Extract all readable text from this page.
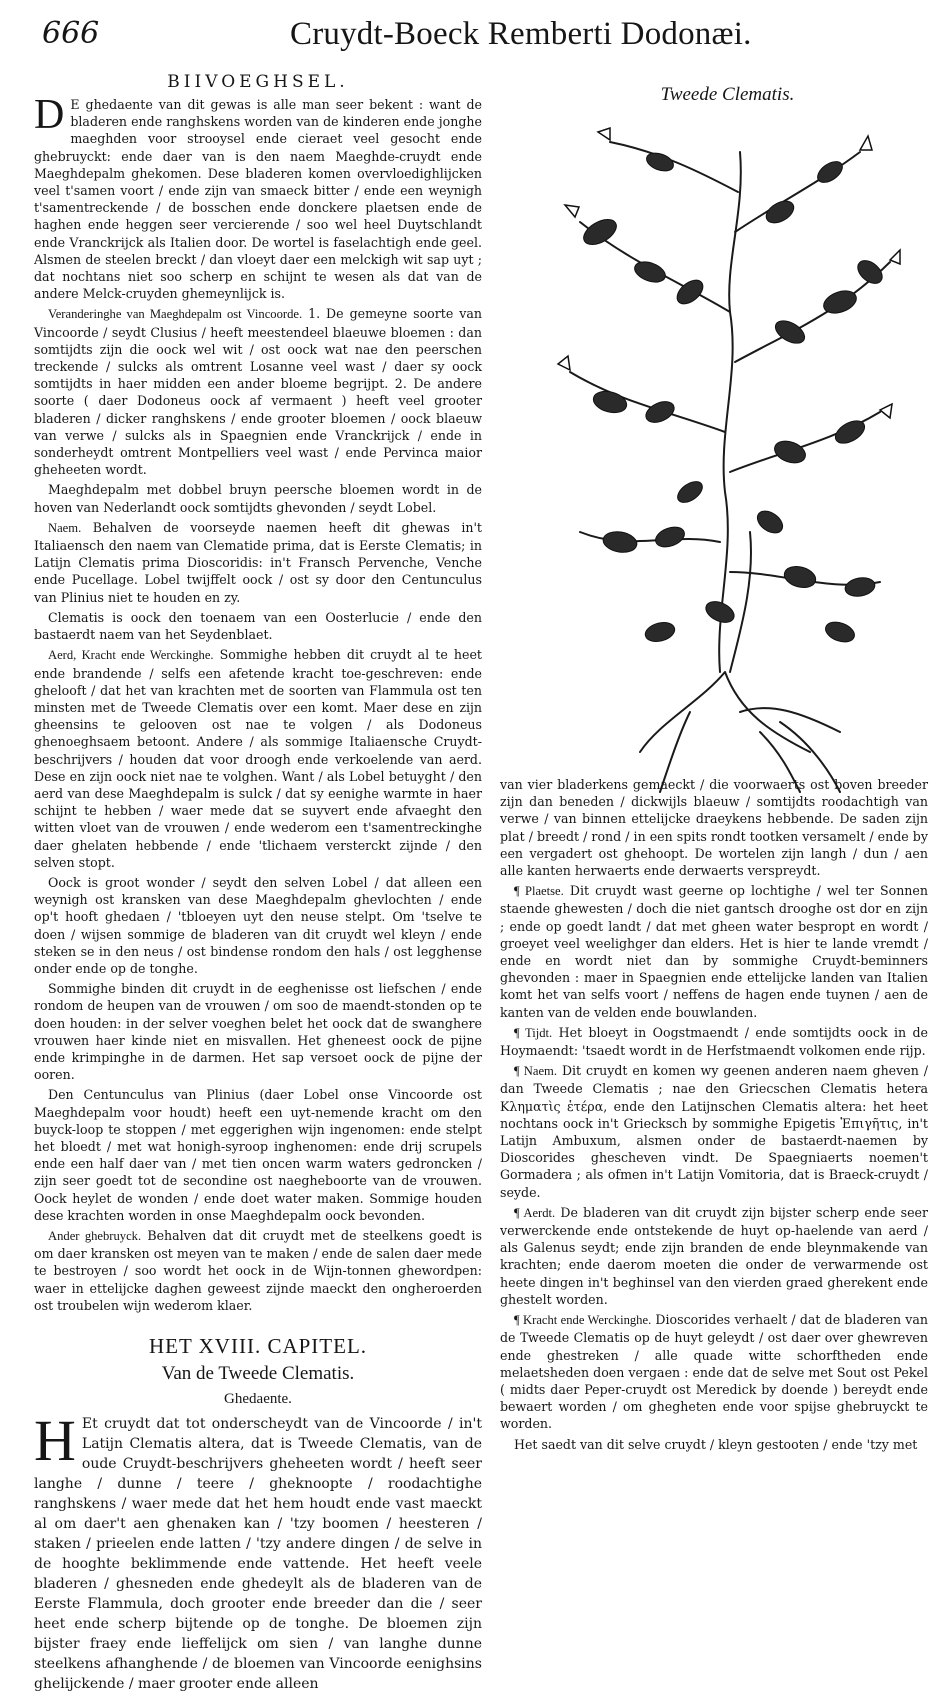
666	Cruydt-Boeck Remberti Dodonæi.
BIIVOEGHSEL.

D E ghedaente van dit gewas is alle man seer bekent : want de bladeren ende ranghskens worden van de kinderen ende jonghe maeghden voor strooysel ende cieraet veel gesocht ende ghebruyckt: ende daer van is den naem Maeghde-cruydt ende Maeghdepalm ghekomen. Dese bladeren komen overvloedighlijcken veel t'samen voort / ende zijn van smaeck bitter / ende een weynigh t'samentreckende / de bosschen ende donckere plaetsen ende de haghen ende heggen seer vercierende / soo wel heel Duytschlandt ende Vranckrijck als Italien door. De wortel is faselachtigh ende geel. Alsmen de steelen breckt / dan vloeyt daer een melckigh wit sap uyt ; dat nochtans niet soo scherp en schijnt te wesen als dat van de andere Melck-cruyden ghemeynlijck is.

Veranderinghe van Maeghdepalm ost Vincoorde. 1. De gemeyne soorte van Vincoorde / seydt Clusius / heeft meestendeel blaeuwe bloemen : dan somtijdts zijn die oock wel wit / ost oock wat nae den peerschen treckende / sulcks als omtrent Losanne veel wast / daer sy oock somtijdts in haer midden een ander bloeme begrijpt. 2. De andere soorte ( daer Dodoneus oock af vermaent ) heeft veel grooter bladeren / dicker ranghskens / ende grooter bloemen / oock blaeuw van verwe / sulcks als in Spaegnien ende Vranckrijck / ende in sonderheydt omtrent Montpelliers veel wast / ende Pervinca maior gheheeten wordt.

Maeghdepalm met dobbel bruyn peersche bloemen wordt in de hoven van Nederlandt oock somtijdts ghevonden / seydt Lobel.

Naem. Behalven de voorseyde naemen heeft dit ghewas in't Italiaensch den naem van Clematide prima, dat is Eerste Clematis; in Latijn Clematis prima Dioscoridis: in't Fransch Pervenche, Venche ende Pucellage. Lobel twijffelt oock / ost sy door den Centunculus van Plinius niet te houden en zy.

Clematis is oock den toenaem van een Oosterlucie / ende den bastaerdt naem van het Seydenblaet.

Aerd, Kracht ende Werckinghe. Sommighe hebben dit cruydt al te heet ende brandende / selfs een afetende kracht toe-geschreven: ende ghelooft / dat het van krachten met de soorten van Flammula ost ten minsten met de Tweede Clematis over een komt. Maer dese en zijn gheensins te gelooven ost nae te volgen / als Dodoneus ghenoeghsaem betoont. Andere / als sommige Italiaensche Cruydt-beschrijvers / houden dat voor droogh ende verkoelende van aerd. Dese en zijn oock niet nae te volghen. Want / als Lobel betuyght / den aerd van dese Maeghdepalm is sulck / dat sy eenighe warmte in haer schijnt te hebben / waer mede dat se suyvert ende afvaeght den witten vloet van de vrouwen / ende wederom een t'samentreckinghe daer ghelaten hebbende / ende 'tlichaem versterckt zijnde / den selven stopt.

Oock is groot wonder / seydt den selven Lobel / dat alleen een weynigh ost kransken van dese Maeghdepalm ghevlochten / ende op't hooft ghedaen / 'tbloeyen uyt den neuse stelpt. Om 'tselve te doen / wijsen sommige de bladeren van dit cruydt wel kleyn / ende steken se in den neus / ost bindense rondom den hals / ost legghense onder ende op de tonghe.

Sommighe binden dit cruydt in de eeghenisse ost liefschen / ende rondom de heupen van de vrouwen / om soo de maendt-stonden op te doen houden: in der selver voeghen belet het oock dat de swanghere vrouwen haer kinde niet en misvallen. Het gheneest oock de pijne ende krimpinghe in de darmen. Het sap versoet oock de pijne der ooren.

Den Centunculus van Plinius (daer Lobel onse Vincoorde ost Maeghdepalm voor houdt) heeft een uyt-nemende kracht om den buyck-loop te stoppen / met eggerighen wijn ingenomen: ende stelpt het bloedt / met wat honigh-syroop inghenomen: ende drij scrupels ende een half daer van / met tien oncen warm waters gedroncken / zijn seer goedt tot de secondine ost naegheboorte van de vrouwen. Oock heylet de wonden / ende doet water maken. Sommige houden dese krachten worden in onse Maeghdepalm oock bevonden.

Ander ghebruyck. Behalven dat dit cruydt met de steelkens goedt is om daer kransken ost meyen van te maken / ende de salen daer mede te bestroyen / soo wordt het oock in de Wijn-tonnen ghewordpen: waer in ettelijcke daghen geweest zijnde maeckt den ongheroerden ost troubelen wijn wederom klaer.

HET XVIII. CAPITEL.
Van de Tweede Clematis.
Ghedaente.

H Et cruydt dat tot onderscheydt van de Vincoorde / in't Latijn Clematis altera, dat is Tweede Clematis, van de oude Cruydt-beschrijvers gheheeten wordt / heeft seer langhe / dunne / teere / gheknoopte / roodachtighe ranghskens / waer mede dat het hem houdt ende vast maeckt al om daer't aen ghenaken kan / 'tzy boomen / heesteren / staken / prieelen ende latten / 'tzy andere dingen / de selve in de hooghte beklimmende ende vattende. Het heeft veele bladeren / ghesneden ende ghedeylt als de bladeren van de Eerste Flammula, doch grooter ende breeder dan die / seer heet ende scherp bijtende op de tonghe. De bloemen zijn bijster fraey ende lieffelijck om sien / van langhe dunne steelkens afhanghende / de bloemen van Vincoorde eenighsins ghelijckende / maer grooter ende alleen

Tweede Clematis.

van vier bladerkens gemaeckt / die voorwaerts ost boven breeder zijn dan beneden / dickwijls blaeuw / somtijdts roodachtigh van verwe / van binnen ettelijcke draeykens hebbende. De saden zijn plat / breedt / rond / in een spits rondt tootken versamelt / ende by een vergadert ost ghehoopt. De wortelen zijn langh / dun / aen alle kanten herwaerts ende derwaerts verspreydt.

¶ Plaetse. Dit cruydt wast geerne op lochtighe / wel ter Sonnen staende ghewesten / doch die niet gantsch drooghe ost dor en zijn ; ende op goedt landt / dat met gheen water bespropt en wordt / groeyet veel weelighger dan elders. Het is hier te lande vremdt / ende en wordt niet dan by sommighe Cruydt-beminners ghevonden : maer in Spaegnien ende ettelijcke landen van Italien komt het van selfs voort / neffens de hagen ende tuynen / aen de kanten van de velden ende bouwlanden.

¶ Tijdt. Het bloeyt in Oogstmaendt / ende somtijdts oock in de Hoymaendt: 'tsaedt wordt in de Herfstmaendt volkomen ende rijp.

¶ Naem. Dit cruydt en komen wy geenen anderen naem gheven / dan Tweede Clematis ; nae den Griecschen Clematis hetera Κληματὶς ἑτέρα, ende den Latijnschen Clematis altera: het heet nochtans oock in't Griecksch by sommighe Epigetis Ἐπιγῆτις, in't Latijn Ambuxum, alsmen onder de bastaerdt-naemen by Dioscorides ghescheven vindt. De Spaegniaerts noemen't Gormadera ; als ofmen in't Latijn Vomitoria, dat is Braeck-cruydt / seyde.

¶ Aerdt. De bladeren van dit cruydt zijn bijster scherp ende seer verwerckende ende ontstekende de huyt op-haelende van aerd / als Galenus seydt; ende zijn branden de ende bleynmakende van krachten; ende daerom moeten die onder de verwarmende ost heete dingen in't beghinsel van den vierden graed gherekent ende ghestelt worden.

¶ Kracht ende Werckinghe. Dioscorides verhaelt / dat de bladeren van de Tweede Clematis op de huyt geleydt / ost daer over ghewreven ende ghestreken / alle quade witte schorftheden ende melaetsheden doen vergaen : ende dat de selve met Sout ost Pekel ( midts daer Peper-cruydt ost Meredick by doende ) bereydt ende bewaert worden / om ghegheten ende voor spijse ghebruyckt te worden.

Het saedt van dit selve cruydt / kleyn gestooten / ende 'tzy met
